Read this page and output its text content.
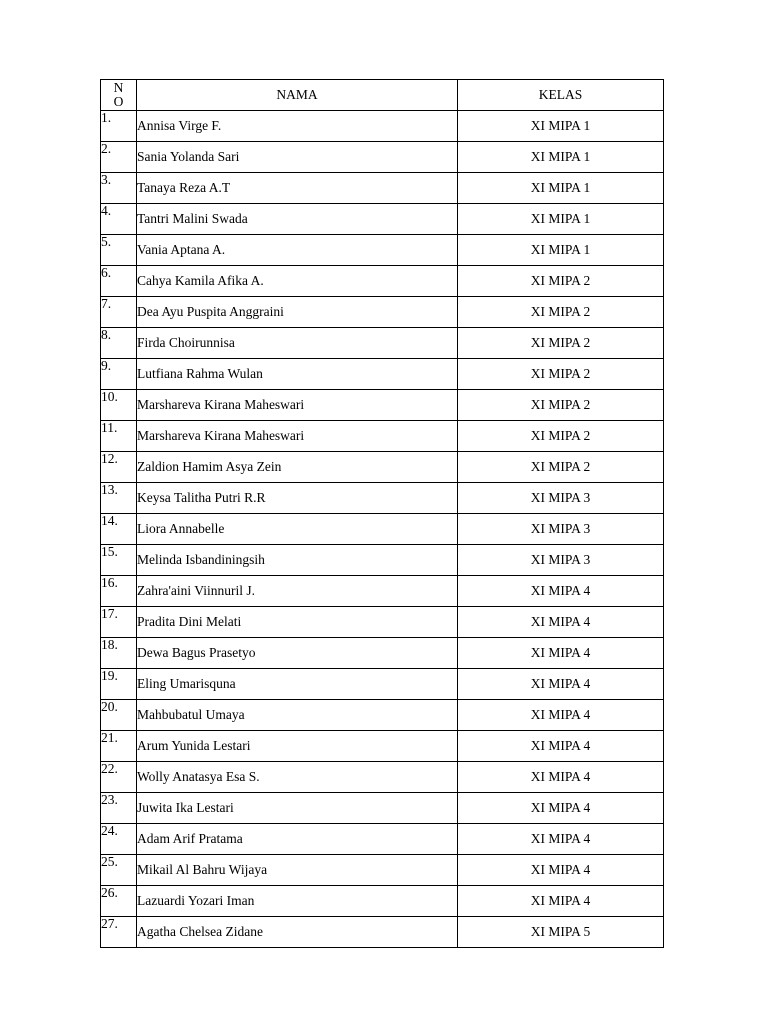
N
O	NAMA	KELAS
1.	Annisa Virge F.	XI MIPA 1
2.	Sania Yolanda Sari	XI MIPA 1
3.	Tanaya Reza A.T	XI MIPA 1
4.	Tantri Malini Swada	XI MIPA 1
5.	Vania Aptana A.	XI MIPA 1
6.	Cahya Kamila Afika A.	XI MIPA 2
7.	Dea Ayu Puspita Anggraini	XI MIPA 2
8.	Firda Choirunnisa	XI MIPA 2
9.	Lutfiana Rahma Wulan	XI MIPA 2
10.	Marshareva Kirana Maheswari	XI MIPA 2
11.	Marshareva Kirana Maheswari	XI MIPA 2
12.	Zaldion Hamim Asya Zein	XI MIPA 2
13.	Keysa Talitha Putri R.R	XI MIPA 3
14.	Liora Annabelle	XI MIPA 3
15.	Melinda Isbandiningsih	XI MIPA 3
16.	Zahra'aini Viinnuril J.	XI MIPA 4
17.	Pradita Dini Melati	XI MIPA 4
18.	Dewa Bagus Prasetyo	XI MIPA 4
19.	Eling Umarisquna	XI MIPA 4
20.	Mahbubatul Umaya	XI MIPA 4
21.	Arum Yunida Lestari	XI MIPA 4
22.	Wolly Anatasya Esa S.	XI MIPA 4
23.	Juwita Ika Lestari	XI MIPA 4
24.	Adam Arif Pratama	XI MIPA 4
25.	Mikail Al Bahru Wijaya	XI MIPA 4
26.	Lazuardi Yozari Iman	XI MIPA 4
27.	Agatha Chelsea Zidane	XI MIPA 5
